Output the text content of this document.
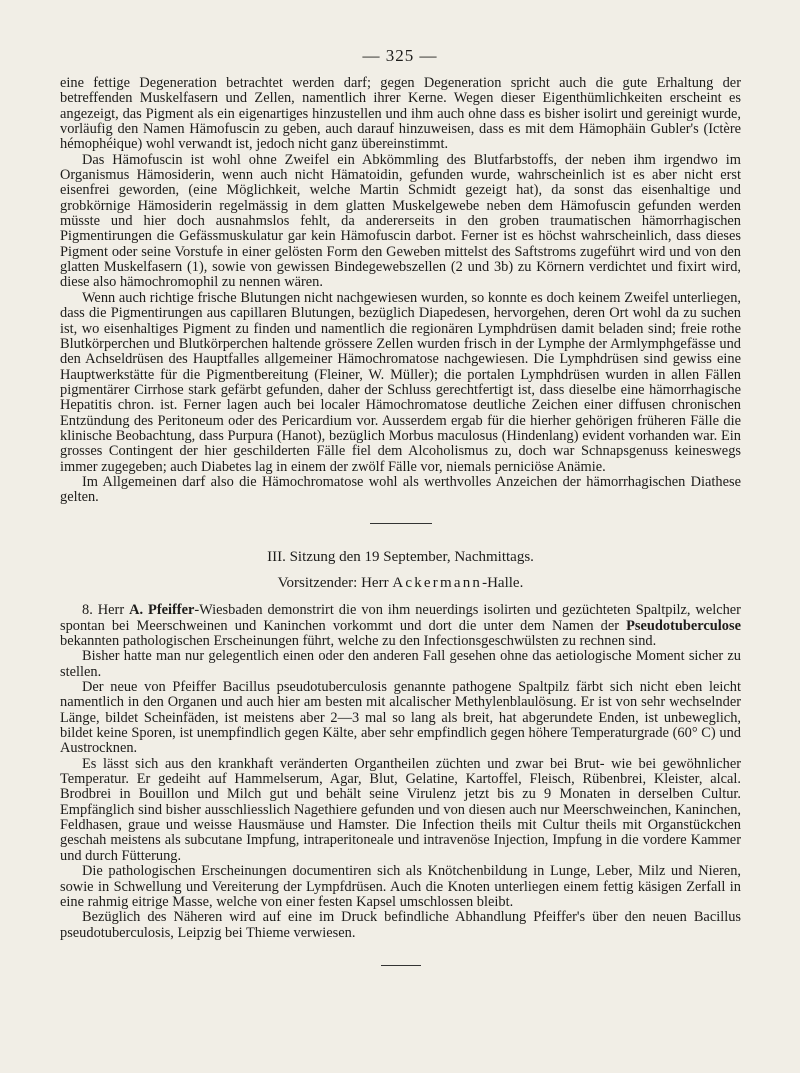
— 325 —

eine fettige Degeneration betrachtet werden darf; gegen Degeneration spricht auch die gute Erhaltung der betreffenden Muskelfasern und Zellen, namentlich ihrer Kerne. Wegen dieser Eigenthümlichkeiten erscheint es angezeigt, das Pigment als ein eigenartiges hinzustellen und ihm auch ohne dass es bisher isolirt und gereinigt wurde, vorläufig den Namen Hämofuscin zu geben, auch darauf hinzuweisen, dass es mit dem Hämophäin Gubler's (Ictère hémophéique) wohl verwandt ist, jedoch nicht ganz übereinstimmt.

Das Hämofuscin ist wohl ohne Zweifel ein Abkömmling des Blutfarbstoffs, der neben ihm irgendwo im Organismus Hämosiderin, wenn auch nicht Hämatoidin, gefunden wurde, wahrscheinlich ist es aber nicht erst eisenfrei geworden, (eine Möglichkeit, welche Martin Schmidt gezeigt hat), da sonst das eisenhaltige und grobkörnige Hämosiderin regelmässig in dem glatten Muskelgewebe neben dem Hämofuscin gefunden werden müsste und hier doch ausnahmslos fehlt, da andererseits in den groben traumatischen hämorrhagischen Pigmentirungen die Gefässmuskulatur gar kein Hämofuscin darbot. Ferner ist es höchst wahrscheinlich, dass dieses Pigment oder seine Vorstufe in einer gelösten Form den Geweben mittelst des Saftstroms zugeführt wird und von den glatten Muskelfasern (1), sowie von gewissen Bindegewebszellen (2 und 3b) zu Körnern verdichtet und fixirt wird, diese also hämochromophil zu nennen wären.

Wenn auch richtige frische Blutungen nicht nachgewiesen wurden, so konnte es doch keinem Zweifel unterliegen, dass die Pigmentirungen aus capillaren Blutungen, bezüglich Diapedesen, hervorgehen, deren Ort wohl da zu suchen ist, wo eisenhaltiges Pigment zu finden und namentlich die regionären Lymphdrüsen damit beladen sind; freie rothe Blutkörperchen und Blutkörperchen haltende grössere Zellen wurden frisch in der Lymphe der Armlymphgefässe und den Achseldrüsen des Hauptfalles allgemeiner Hämochromatose nachgewiesen. Die Lymphdrüsen sind gewiss eine Hauptwerkstätte für die Pigmentbereitung (Fleiner, W. Müller); die portalen Lymphdrüsen wurden in allen Fällen pigmentärer Cirrhose stark gefärbt gefunden, daher der Schluss gerechtfertigt ist, dass dieselbe eine hämorrhagische Hepatitis chron. ist. Ferner lagen auch bei localer Hämochromatose deutliche Zeichen einer diffusen chronischen Entzündung des Peritoneum oder des Pericardium vor. Ausserdem ergab für die hierher gehörigen früheren Fälle die klinische Beobachtung, dass Purpura (Hanot), bezüglich Morbus maculosus (Hindenlang) evident vorhanden war. Ein grosses Contingent der hier geschilderten Fälle fiel dem Alcoholismus zu, doch war Schnapsgenuss keineswegs immer zugegeben; auch Diabetes lag in einem der zwölf Fälle vor, niemals perniciöse Anämie.

Im Allgemeinen darf also die Hämochromatose wohl als werthvolles Anzeichen der hämorrhagischen Diathese gelten.

III. Sitzung den 19 September, Nachmittags.

Vorsitzender: Herr Ackermann-Halle.

8. Herr A. Pfeiffer-Wiesbaden demonstrirt die von ihm neuerdings isolirten und gezüchteten Spaltpilz, welcher spontan bei Meerschweinen und Kaninchen vorkommt und dort die unter dem Namen der Pseudotuberculose bekannten pathologischen Erscheinungen führt, welche zu den Infectionsgeschwülsten zu rechnen sind.

Bisher hatte man nur gelegentlich einen oder den anderen Fall gesehen ohne das aetiologische Moment sicher zu stellen.

Der neue von Pfeiffer Bacillus pseudotuberculosis genannte pathogene Spaltpilz färbt sich nicht eben leicht namentlich in den Organen und auch hier am besten mit alcalischer Methylenblaulösung. Er ist von sehr wechselnder Länge, bildet Scheinfäden, ist meistens aber 2—3 mal so lang als breit, hat abgerundete Enden, ist unbeweglich, bildet keine Sporen, ist unempfindlich gegen Kälte, aber sehr empfindlich gegen höhere Temperaturgrade (60° C) und Austrocknen.

Es lässt sich aus den krankhaft veränderten Organtheilen züchten und zwar bei Brut- wie bei gewöhnlicher Temperatur. Er gedeiht auf Hammelserum, Agar, Blut, Gelatine, Kartoffel, Fleisch, Rübenbrei, Kleister, alcal. Brodbrei in Bouillon und Milch gut und behält seine Virulenz jetzt bis zu 9 Monaten in derselben Cultur. Empfänglich sind bisher ausschliesslich Nagethiere gefunden und von diesen auch nur Meerschweinchen, Kaninchen, Feldhasen, graue und weisse Hausmäuse und Hamster. Die Infection theils mit Cultur theils mit Organstückchen geschah meistens als subcutane Impfung, intraperitoneale und intravenöse Injection, Impfung in die vordere Kammer und durch Fütterung.

Die pathologischen Erscheinungen documentiren sich als Knötchenbildung in Lunge, Leber, Milz und Nieren, sowie in Schwellung und Vereiterung der Lympfdrüsen. Auch die Knoten unterliegen einem fettig käsigen Zerfall in eine rahmig eitrige Masse, welche von einer festen Kapsel umschlossen bleibt.

Bezüglich des Näheren wird auf eine im Druck befindliche Abhandlung Pfeiffer's über den neuen Bacillus pseudotuberculosis, Leipzig bei Thieme verwiesen.
